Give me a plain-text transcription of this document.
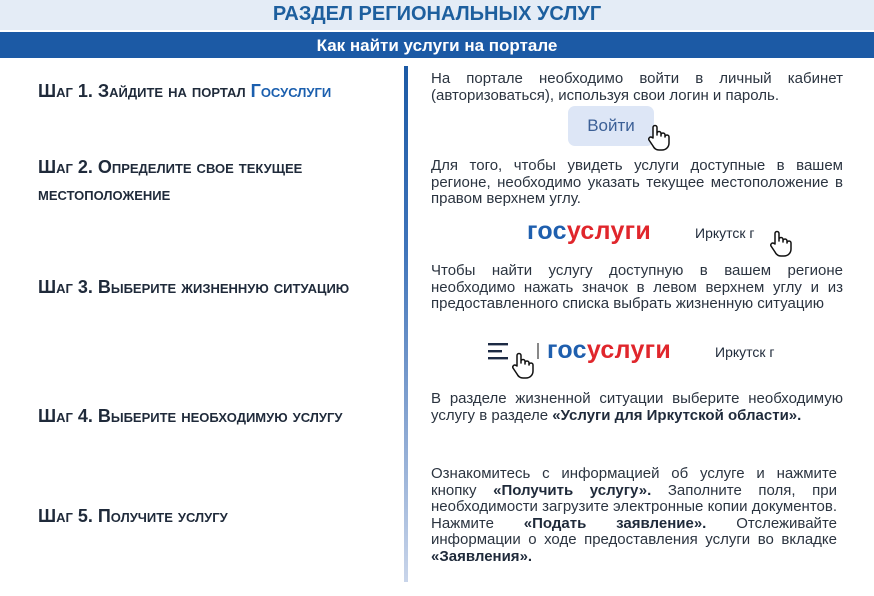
РАЗДЕЛ РЕГИОНАЛЬНЫХ УСЛУГ
Как найти услуги на портале
Шаг 1. Зайдите на портал Госуслуги
На портале необходимо войти в личный кабинет (авторизоваться), используя свои логин и пароль.
Войти
Шаг 2. Определите свое текущее
местоположение
Для того, чтобы увидеть услуги доступные в вашем регионе, необходимо указать текущее местоположение в правом верхнем углу.
госуслуги	Иркутск г
Шаг 3. Выберите жизненную ситуацию
Чтобы найти услугу доступную в вашем регионе необходимо нажать значок в левом верхнем углу и из предоставленного списка выбрать жизненную ситуацию
госуслуги	Иркутск г
Шаг 4. Выберите необходимую услугу
В разделе жизненной ситуации выберите необходимую услугу в разделе «Услуги для Иркутской области».
Шаг 5. Получите услугу
Ознакомитесь с информацией об услуге и нажмите кнопку «Получить услугу». Заполните поля, при необходимости загрузите электронные копии документов. Нажмите «Подать заявление». Отслеживайте информации о ходе предоставления услуги во вкладке «Заявления».
